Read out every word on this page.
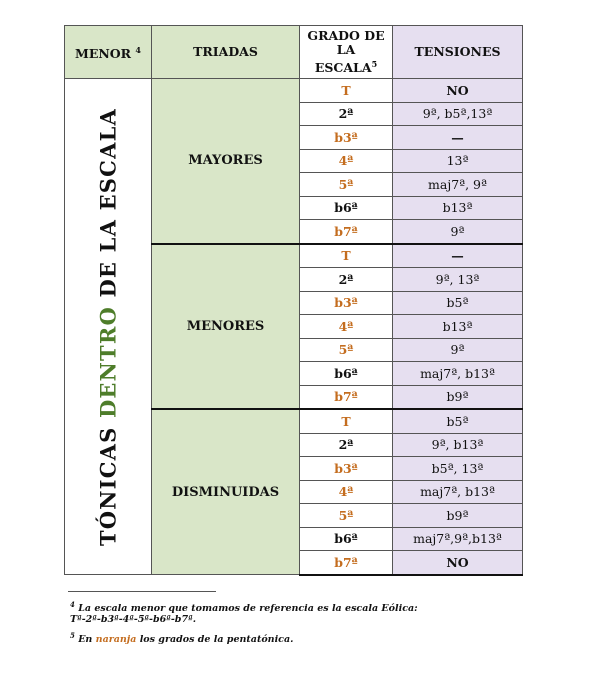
MENOR $^4$	TRIADAS	GRADO DE
LA
ESCALA$^5$	TENSIONES

TÓNICAS DENTRO DE LA ESCALA	MAYORES	T	NO
		2ª	9ª, b5ª,13ª
		b3ª	—
		4ª	13ª
		5ª	maj7ª, 9ª
		b6ª	b13ª
		b7ª	9ª
	MENORES	T	—
		2ª	9ª, 13ª
		b3ª	b5ª
		4ª	b13ª
		5ª	9ª
		b6ª	maj7ª, b13ª
		b7ª	b9ª
	DISMINUIDAS	T	b5ª
		2ª	9ª, b13ª
		b3ª	b5ª, 13ª
		4ª	maj7ª, b13ª
		5ª	b9ª
		b6ª	maj7ª,9ª,b13ª
		b7ª	NO
$^4$ La escala menor que tomamos de referencia es la escala Eólica:
Tª-2ª-b3ª-4ª-5ª-b6ª-b7ª.
$^5$ En naranja los grados de la pentatónica.
